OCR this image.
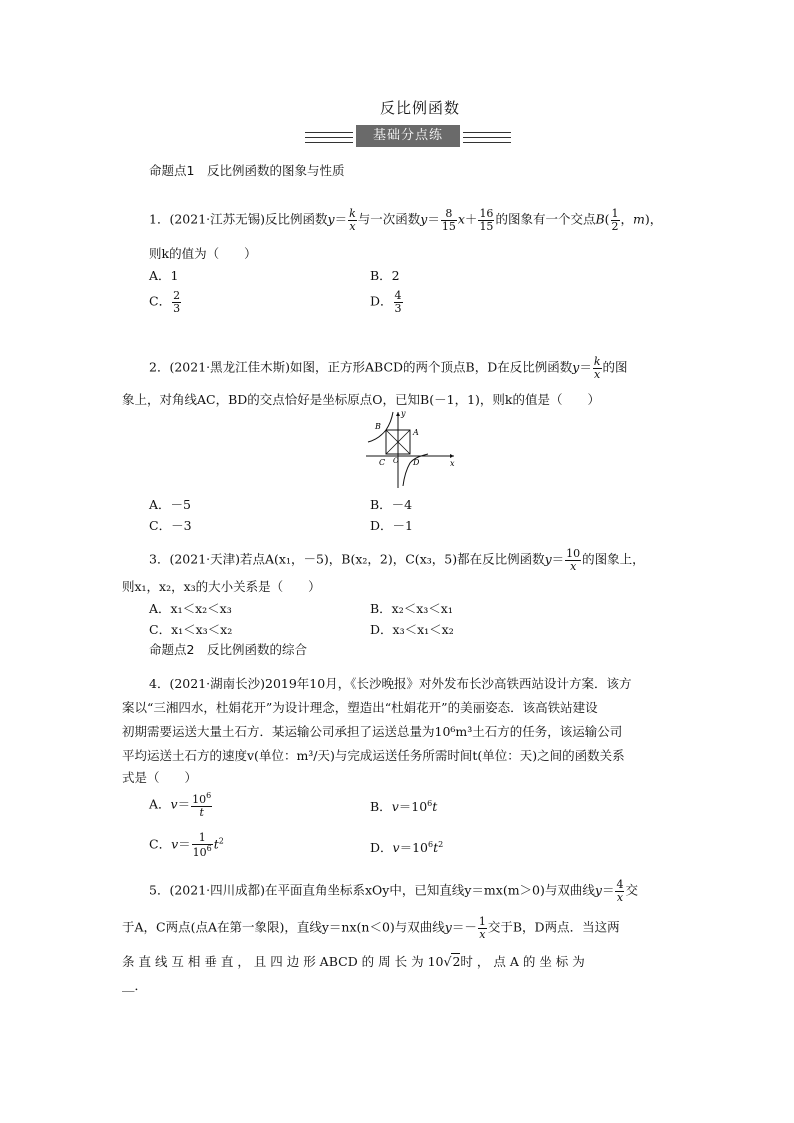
反比例函数
基础分点练
命题点1　反比例函数的图象与性质
1．(2021·江苏无锡)反比例函数$y= \frac{k}{x}$ 与一次函数$y= \frac{8}{15} x+ \frac{16}{15}$ 的图象有一个交点$B( \frac{1}{2}$ ，m)，
则k的值为（　　）
A．1	B．2
C． $\frac{2}{3}$	D． $\frac{4}{3}$
2．(2021·黑龙江佳木斯)如图，正方形ABCD的两个顶点B，D在反比例函数$y= \frac{k}{x}$ 的图
象上，对角线AC，BD的交点恰好是坐标原点O，已知B(－1，1)，则k的值是（　　）
B
A
C	D
O	x
y
A．－5	B．－4
C．－3	D．－1
3．(2021·天津)若点A(x₁，－5)，B(x₂，2)，C(x₃，5)都在反比例函数$y= \frac{10}{x}$ 的图象上，
则x₁，x₂，x₃的大小关系是（　　）
A．x₁＜x₂＜x₃	B．x₂＜x₃＜x₁
C．x₁＜x₃＜x₂	D．x₃＜x₁＜x₂
命题点2　反比例函数的综合
4．(2021·湖南长沙)2019年10月，《长沙晚报》对外发布长沙高铁西站设计方案．该方
案以“三湘四水，杜娟花开”为设计理念，塑造出“杜娟花开”的美丽姿态．该高铁站建设
初期需要运送大量土石方．某运输公司承担了运送总量为10⁶m³土石方的任务，该运输公司
平均运送土石方的速度v(单位：m³/天)与完成运送任务所需时间t(单位：天)之间的函数关系
式是（　　）
A．$v= \frac{10^6}{t}$	B．$v=10^6t$
C．$v= \frac{1}{10^6} t^2$	D．$v=10^6t^2$
5．(2021·四川成都)在平面直角坐标系xOy中，已知直线y＝mx(m＞0)与双曲线$y= \frac{4}{x}$ 交
于A，C两点(点A在第一象限)，直线y＝nx(n＜0)与双曲线$y=- \frac{1}{x}$ 交于B，D两点．当这两
条 直 线 互 相 垂 直 ， 且 四 边 形 ABCD 的 周 长 为 10√2时 ， 点 A 的 坐 标 为
＿．
